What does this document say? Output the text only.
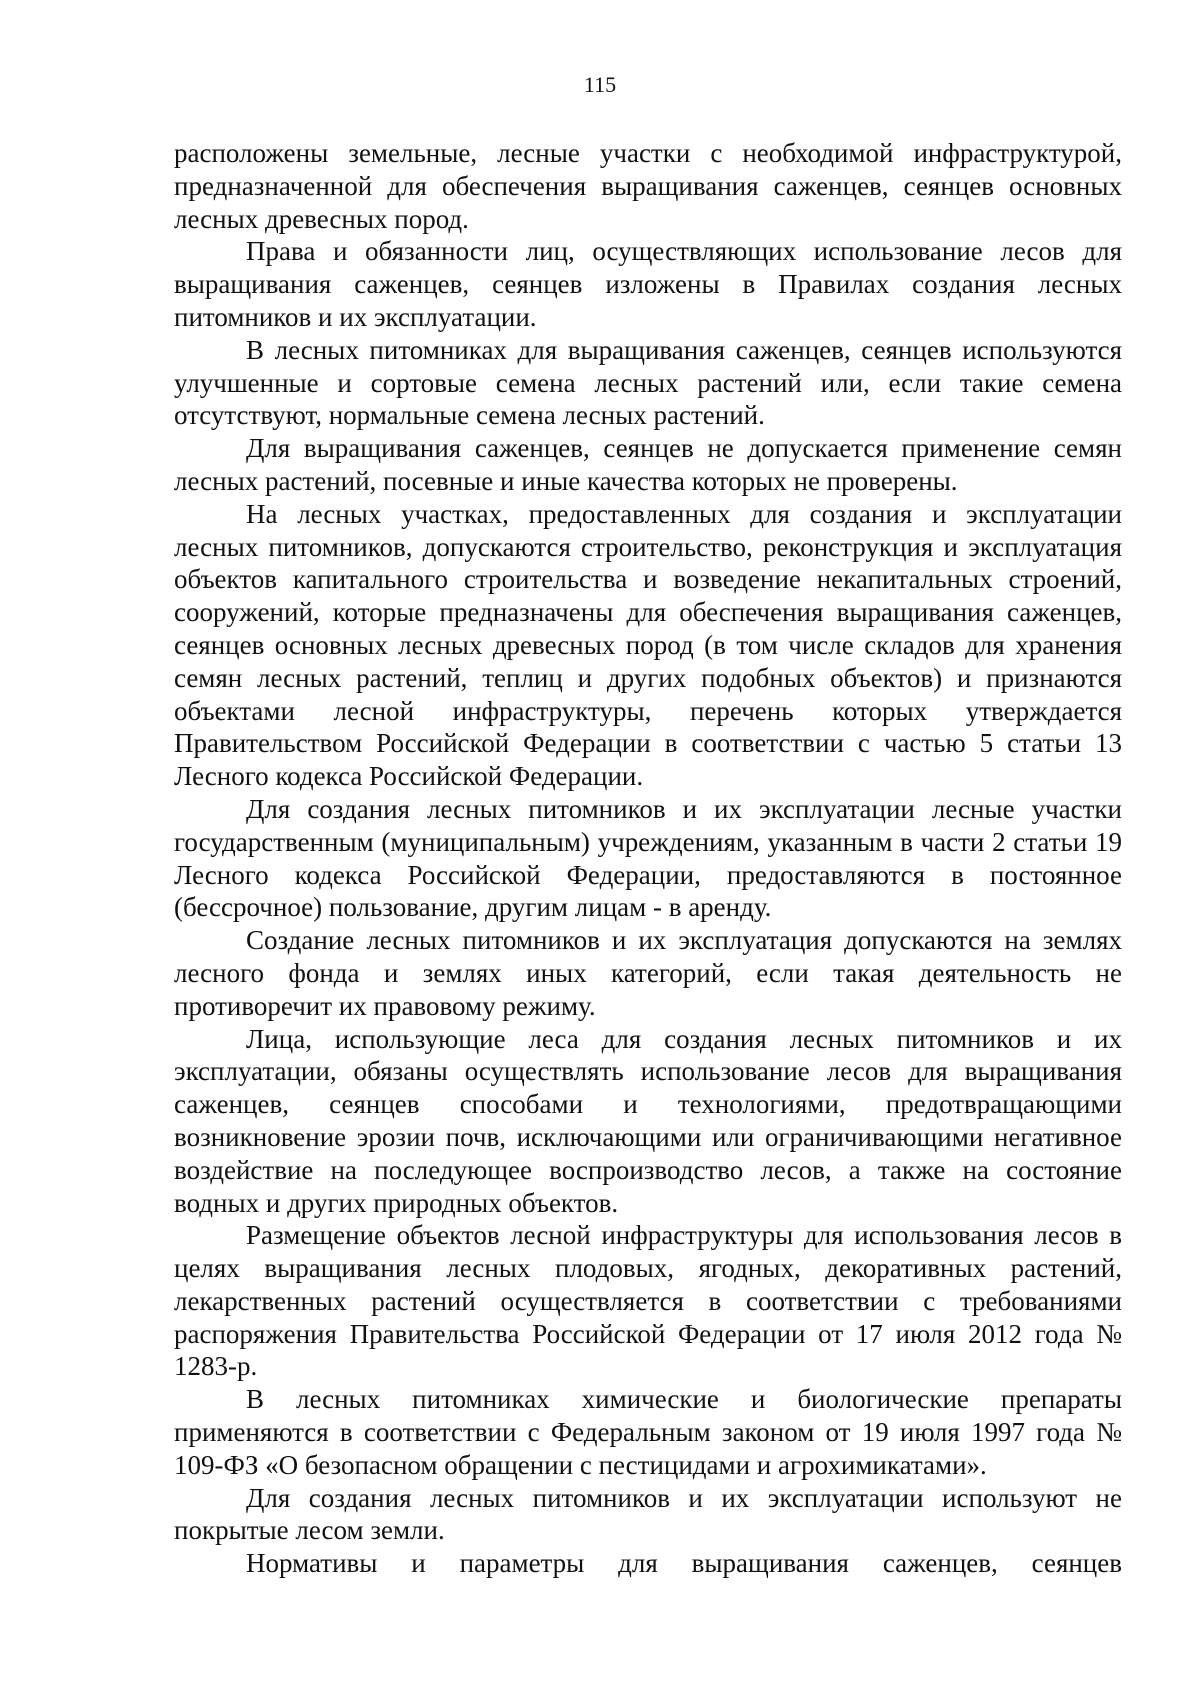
115

расположены земельные, лесные участки с необходимой инфраструктурой, предназначенной для обеспечения выращивания саженцев, сеянцев основных лесных древесных пород.

Права и обязанности лиц, осуществляющих использование лесов для выращивания саженцев, сеянцев изложены в Правилах создания лесных питомников и их эксплуатации.

В лесных питомниках для выращивания саженцев, сеянцев используются улучшенные и сортовые семена лесных растений или, если такие семена отсутствуют, нормальные семена лесных растений.

Для выращивания саженцев, сеянцев не допускается применение семян лесных растений, посевные и иные качества которых не проверены.

На лесных участках, предоставленных для создания и эксплуатации лесных питомников, допускаются строительство, реконструкция и эксплуатация объектов капитального строительства и возведение некапитальных строений, сооружений, которые предназначены для обеспечения выращивания саженцев, сеянцев основных лесных древесных пород (в том числе складов для хранения семян лесных растений, теплиц и других подобных объектов) и признаются объектами лесной инфраструктуры, перечень которых утверждается Правительством Российской Федерации в соответствии с частью 5 статьи 13 Лесного кодекса Российской Федерации.

Для создания лесных питомников и их эксплуатации лесные участки государственным (муниципальным) учреждениям, указанным в части 2 статьи 19 Лесного кодекса Российской Федерации, предоставляются в постоянное (бессрочное) пользование, другим лицам - в аренду.

Создание лесных питомников и их эксплуатация допускаются на землях лесного фонда и землях иных категорий, если такая деятельность не противоречит их правовому режиму.

Лица, использующие леса для создания лесных питомников и их эксплуатации, обязаны осуществлять использование лесов для выращивания саженцев, сеянцев способами и технологиями, предотвращающими возникновение эрозии почв, исключающими или ограничивающими негативное воздействие на последующее воспроизводство лесов, а также на состояние водных и других природных объектов.

Размещение объектов лесной инфраструктуры для использования лесов в целях выращивания лесных плодовых, ягодных, декоративных растений, лекарственных растений осуществляется в соответствии с требованиями распоряжения Правительства Российской Федерации от 17 июля 2012 года № 1283-р.

В лесных питомниках химические и биологические препараты применяются в соответствии с Федеральным законом от 19 июля 1997 года № 109-ФЗ «О безопасном обращении с пестицидами и агрохимикатами».

Для создания лесных питомников и их эксплуатации используют не покрытые лесом земли.

Нормативы и параметры для выращивания саженцев, сеянцев
